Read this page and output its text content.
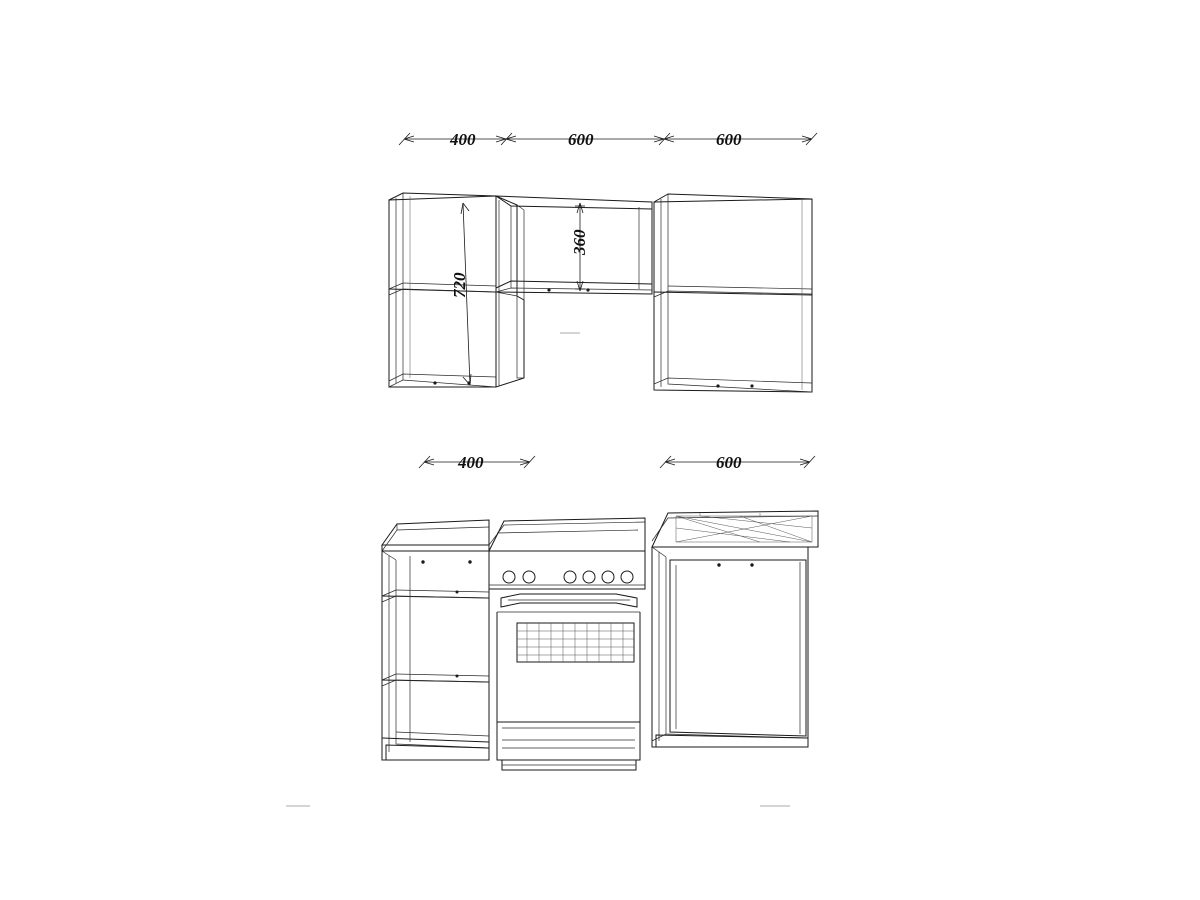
400	600	600
720
360
400	600
